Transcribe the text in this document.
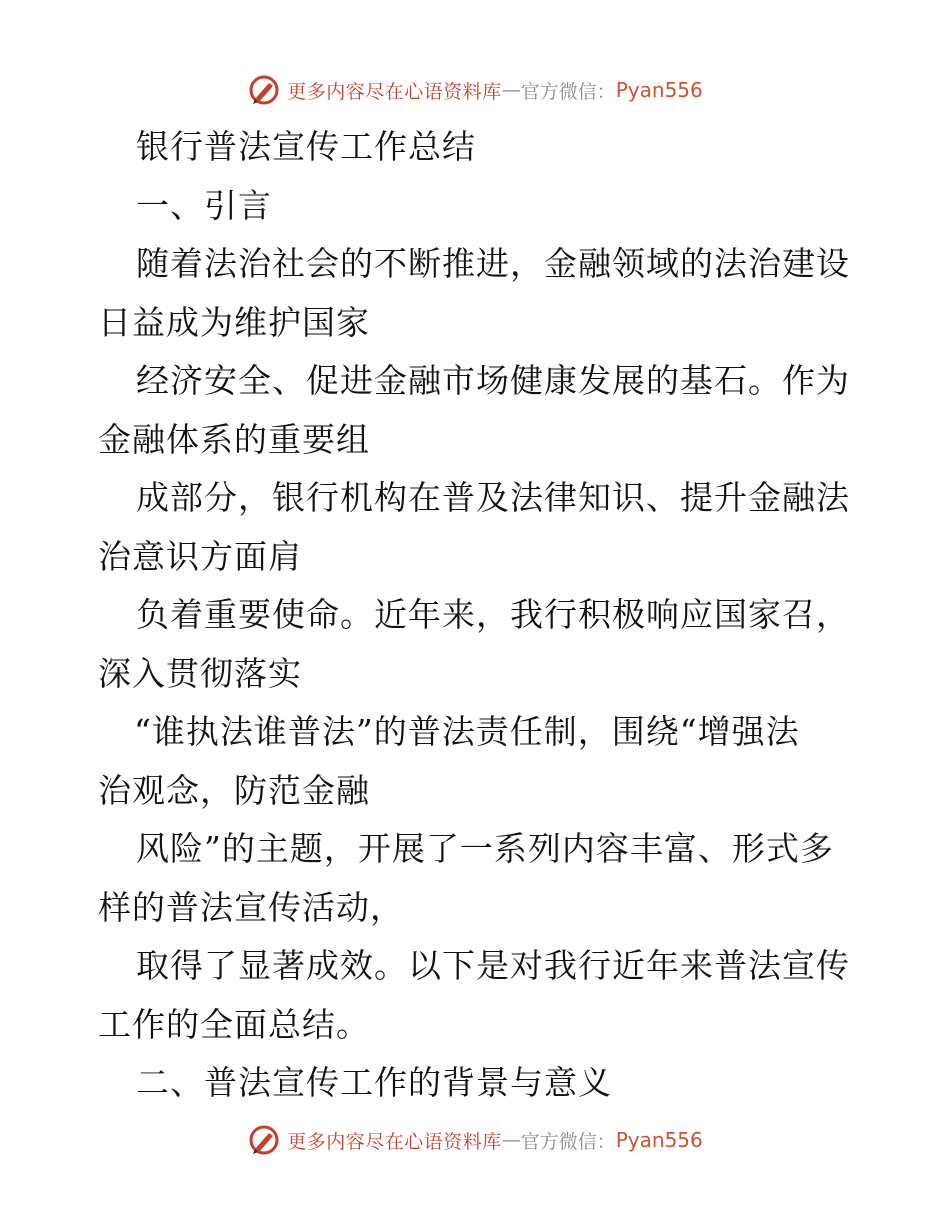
更多内容尽在心语资料库 — 官方微信： Pyan556
银行普法宣传工作总结
一、引言
随着法治社会的不断推进，金融领域的法治建设
日益成为维护国家
经济安全、促进金融市场健康发展的基石。作为
金融体系的重要组
成部分，银行机构在普及法律知识、提升金融法
治意识方面肩
负着重要使命。近年来，我行积极响应国家召，
深入贯彻落实
“谁执法谁普法”的普法责任制，围绕“增强法
治观念，防范金融
风险”的主题，开展了一系列内容丰富、形式多
样的普法宣传活动，
取得了显著成效。以下是对我行近年来普法宣传
工作的全面总结。
二、普法宣传工作的背景与意义
更多内容尽在心语资料库 — 官方微信： Pyan556
